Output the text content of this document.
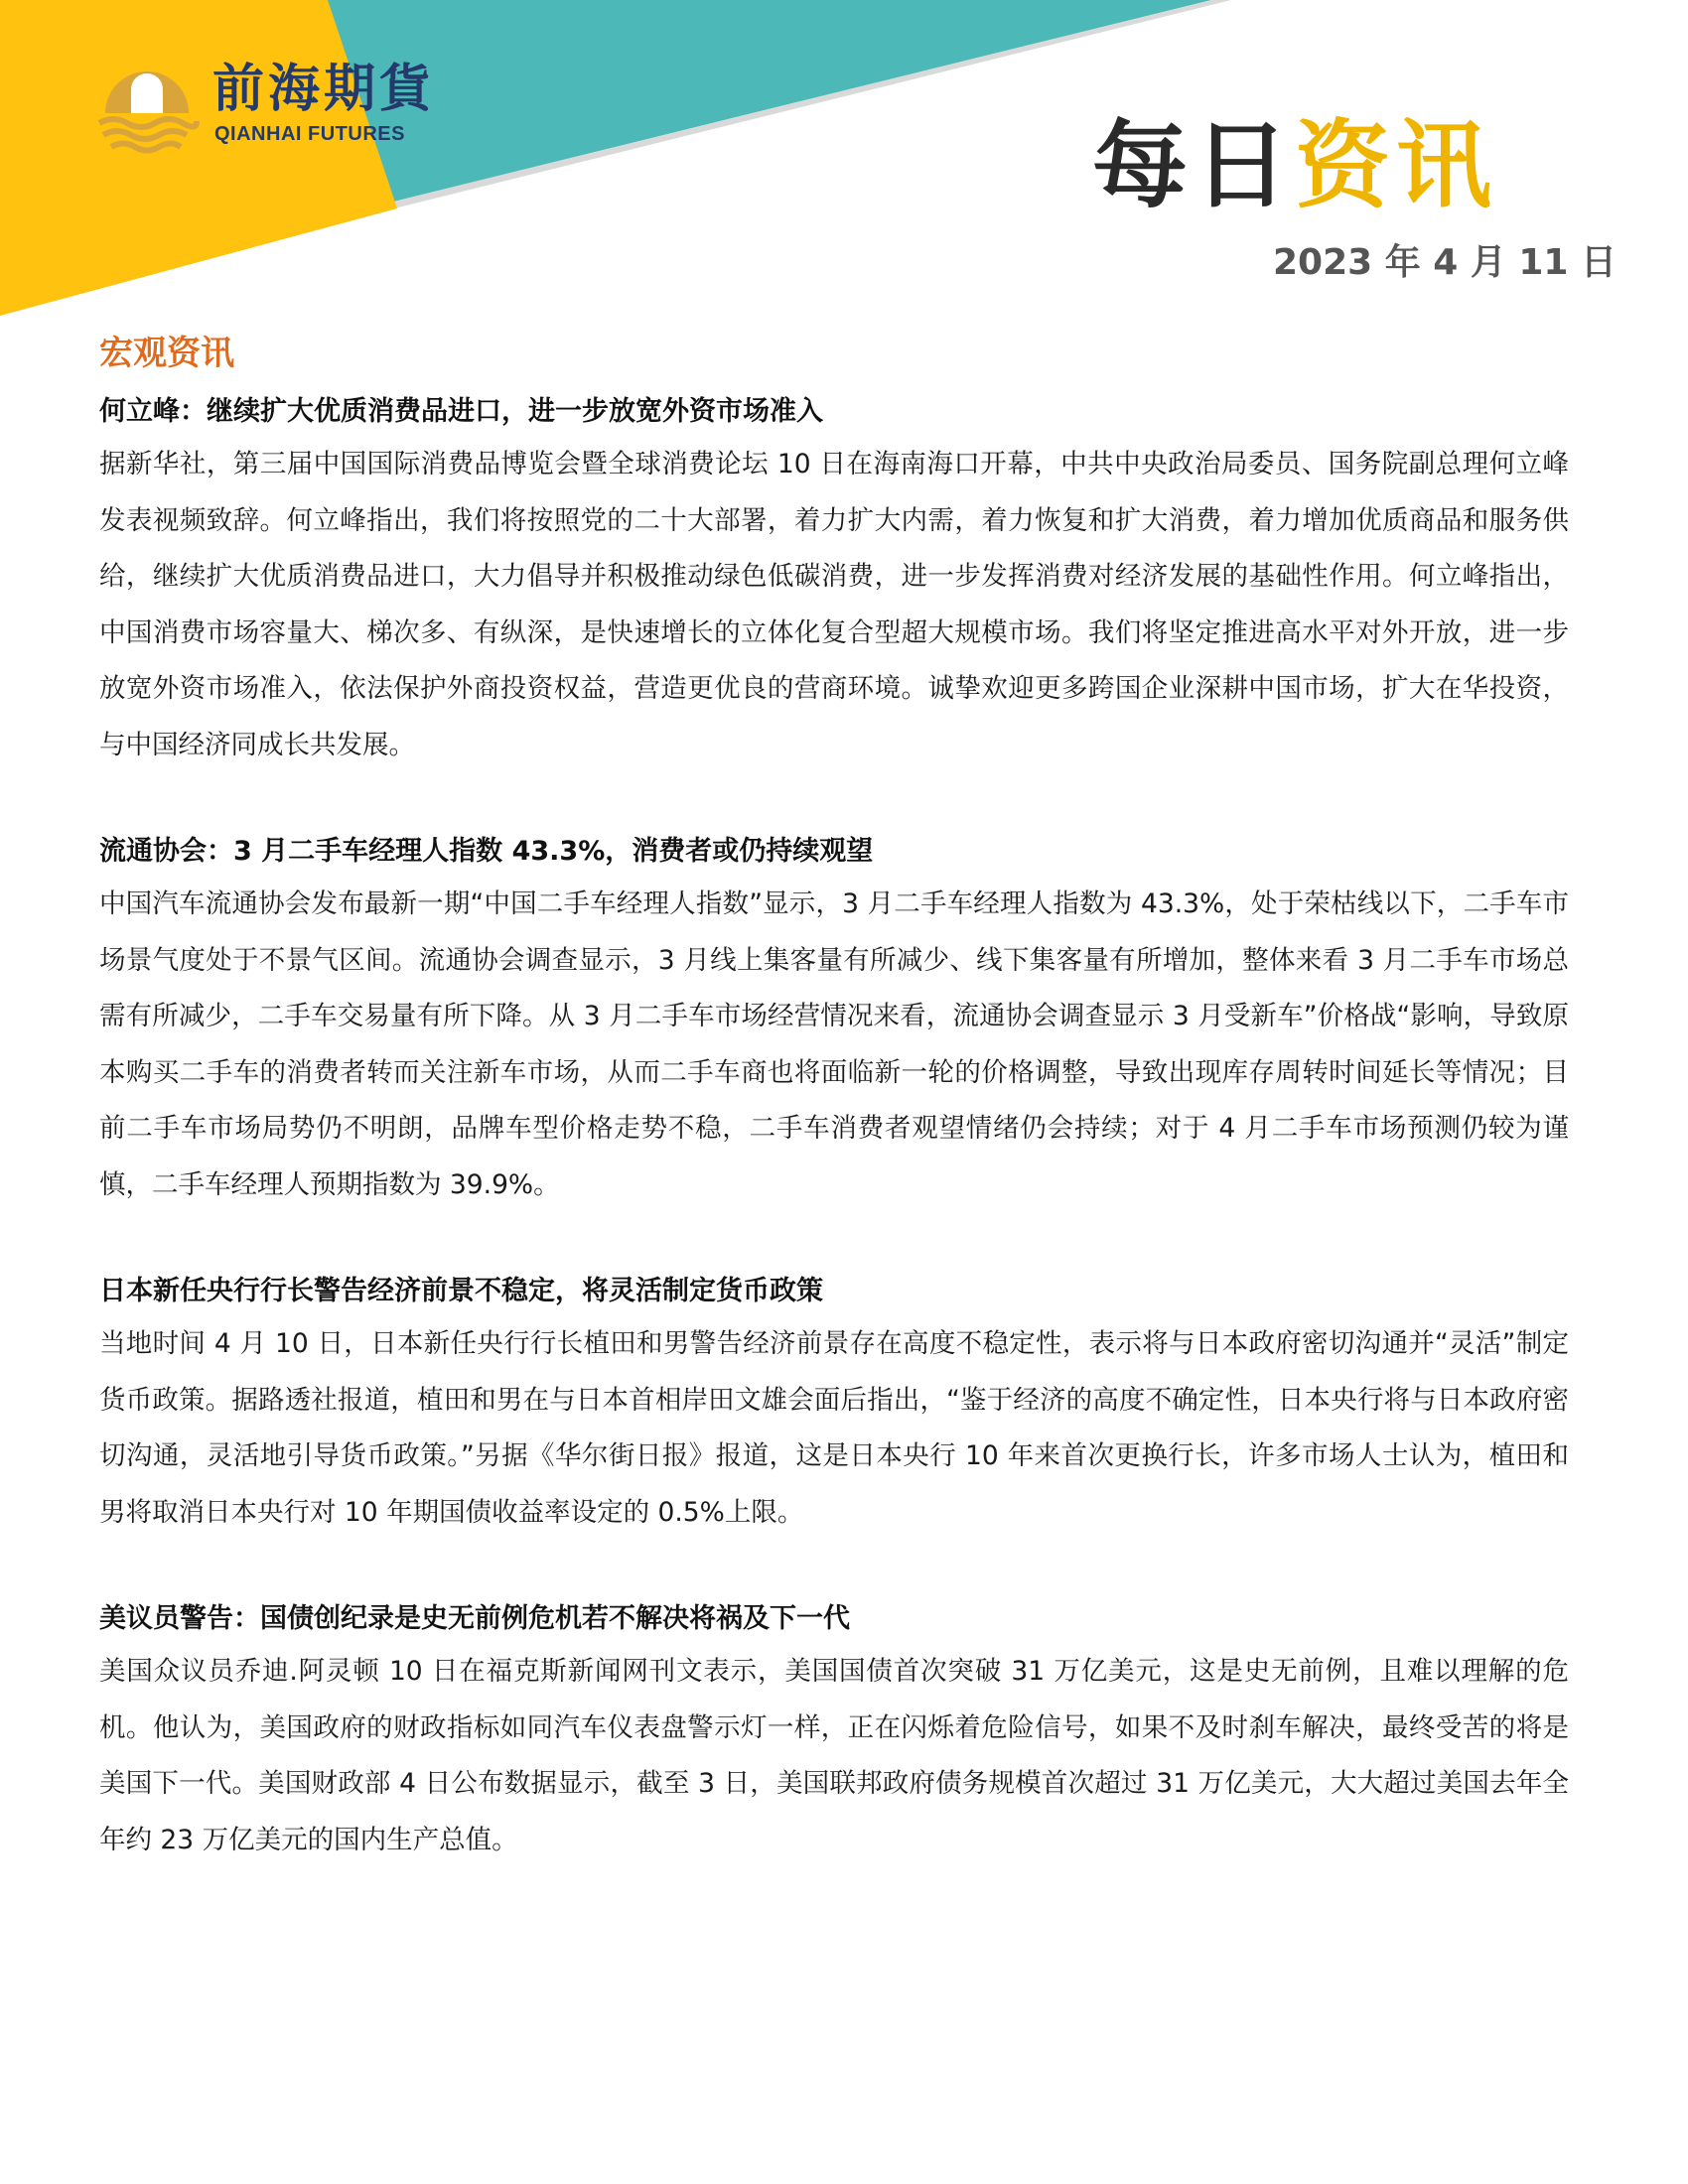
前海期貨
QIANHAI FUTURES	每日资讯
2023 年 4 月 11 日
宏观资讯

何立峰：继续扩大优质消费品进口，进一步放宽外资市场准入

据新华社，第三届中国国际消费品博览会暨全球消费论坛 10 日在海南海口开幕，中共中央政治局委员、国务院副总理何立峰发表视频致辞。何立峰指出，我们将按照党的二十大部署，着力扩大内需，着力恢复和扩大消费，着力增加优质商品和服务供给，继续扩大优质消费品进口，大力倡导并积极推动绿色低碳消费，进一步发挥消费对经济发展的基础性作用。何立峰指出，中国消费市场容量大、梯次多、有纵深，是快速增长的立体化复合型超大规模市场。我们将坚定推进高水平对外开放，进一步放宽外资市场准入，依法保护外商投资权益，营造更优良的营商环境。诚挚欢迎更多跨国企业深耕中国市场，扩大在华投资，与中国经济同成长共发展。

流通协会：3 月二手车经理人指数 43.3%，消费者或仍持续观望

中国汽车流通协会发布最新一期“中国二手车经理人指数”显示，3 月二手车经理人指数为 43.3%，处于荣枯线以下，二手车市场景气度处于不景气区间。流通协会调查显示，3 月线上集客量有所减少、线下集客量有所增加，整体来看 3 月二手车市场总需有所减少，二手车交易量有所下降。从 3 月二手车市场经营情况来看，流通协会调查显示 3 月受新车”价格战“影响，导致原本购买二手车的消费者转而关注新车市场，从而二手车商也将面临新一轮的价格调整，导致出现库存周转时间延长等情况；目前二手车市场局势仍不明朗，品牌车型价格走势不稳，二手车消费者观望情绪仍会持续；对于 4 月二手车市场预测仍较为谨慎，二手车经理人预期指数为 39.9%。

日本新任央行行长警告经济前景不稳定，将灵活制定货币政策

当地时间 4 月 10 日，日本新任央行行长植田和男警告经济前景存在高度不稳定性，表示将与日本政府密切沟通并“灵活”制定货币政策。据路透社报道，植田和男在与日本首相岸田文雄会面后指出，“鉴于经济的高度不确定性，日本央行将与日本政府密切沟通，灵活地引导货币政策。”另据《华尔街日报》报道，这是日本央行 10 年来首次更换行长，许多市场人士认为，植田和男将取消日本央行对 10 年期国债收益率设定的 0.5%上限。

美议员警告：国债创纪录是史无前例危机若不解决将祸及下一代

美国众议员乔迪.阿灵顿 10 日在福克斯新闻网刊文表示，美国国债首次突破 31 万亿美元，这是史无前例，且难以理解的危机。他认为，美国政府的财政指标如同汽车仪表盘警示灯一样，正在闪烁着危险信号，如果不及时刹车解决，最终受苦的将是美国下一代。美国财政部 4 日公布数据显示，截至 3 日，美国联邦政府债务规模首次超过 31 万亿美元，大大超过美国去年全年约 23 万亿美元的国内生产总值。
